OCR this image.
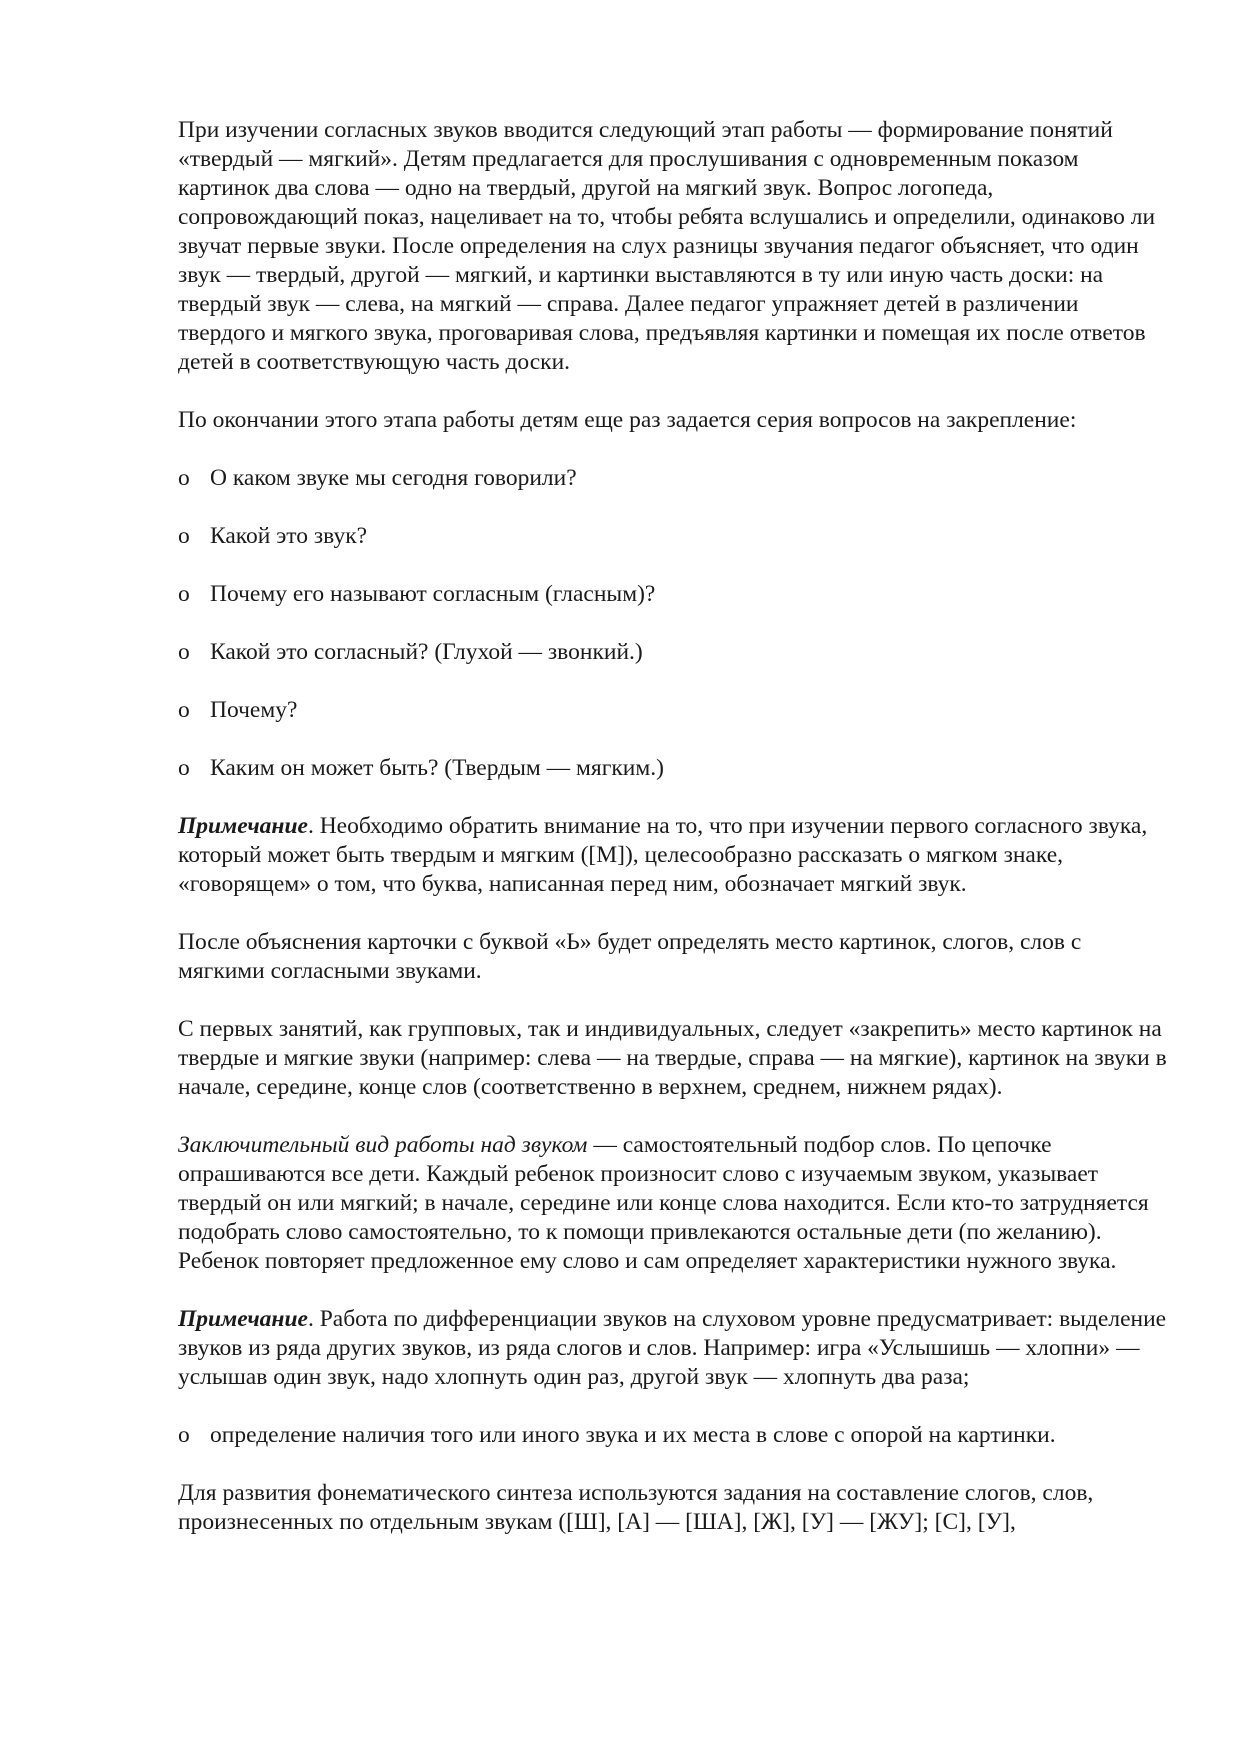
При изучении согласных звуков вводится следующий этап работы — формирование понятий «твердый — мягкий». Детям предлагается для прослушивания с одновременным показом картинок два слова — одно на твердый, другой на мягкий звук. Вопрос логопеда, сопровождающий показ, нацеливает на то, чтобы ребята вслушались и определили, одинаково ли звучат первые звуки. После определения на слух разницы звучания педагог объясняет, что один звук — твердый, другой — мягкий, и картинки выставляются в ту или иную часть доски: на твердый звук — слева, на мягкий — справа. Далее педагог упражняет детей в различении твердого и мягкого звука, проговаривая слова, предъявляя картинки и помещая их после ответов детей в соответствующую часть доски.

По окончании этого этапа работы детям еще раз задается серия вопросов на закрепление:

o О каком звуке мы сегодня говорили?
o Какой это звук?
o Почему его называют согласным (гласным)?
o Какой это согласный? (Глухой — звонкий.)
o Почему?
o Каким он может быть? (Твердым — мягким.)

Примечание. Необходимо обратить внимание на то, что при изучении первого согласного звука, который может быть твердым и мягким ([М]), целесообразно рассказать о мягком знаке, «говорящем» о том, что буква, написанная перед ним, обозначает мягкий звук.

После объяснения карточки с буквой «Ь» будет определять место картинок, слогов, слов с мягкими согласными звуками.

С первых занятий, как групповых, так и индивидуальных, следует «закрепить» место картинок на твердые и мягкие звуки (например: слева — на твердые, справа — на мягкие), картинок на звуки в начале, середине, конце слов (соответственно в верхнем, среднем, нижнем рядах).

Заключительный вид работы над звуком — самостоятельный подбор слов. По цепочке опрашиваются все дети. Каждый ребенок произносит слово с изучаемым звуком, указывает твердый он или мягкий; в начале, середине или конце слова находится. Если кто-то затрудняется подобрать слово самостоятельно, то к помощи привлекаются остальные дети (по желанию). Ребенок повторяет предложенное ему слово и сам определяет характеристики нужного звука.

Примечание. Работа по дифференциации звуков на слуховом уровне предусматривает: выделение звуков из ряда других звуков, из ряда слогов и слов. Например: игра «Услышишь — хлопни» — услышав один звук, надо хлопнуть один раз, другой звук — хлопнуть два раза;

o определение наличия того или иного звука и их места в слове с опорой на картинки.

Для развития фонематического синтеза используются задания на составление слогов, слов, произнесенных по отдельным звукам ([Ш], [А] — [ША], [Ж], [У] — [ЖУ]; [С], [У],
